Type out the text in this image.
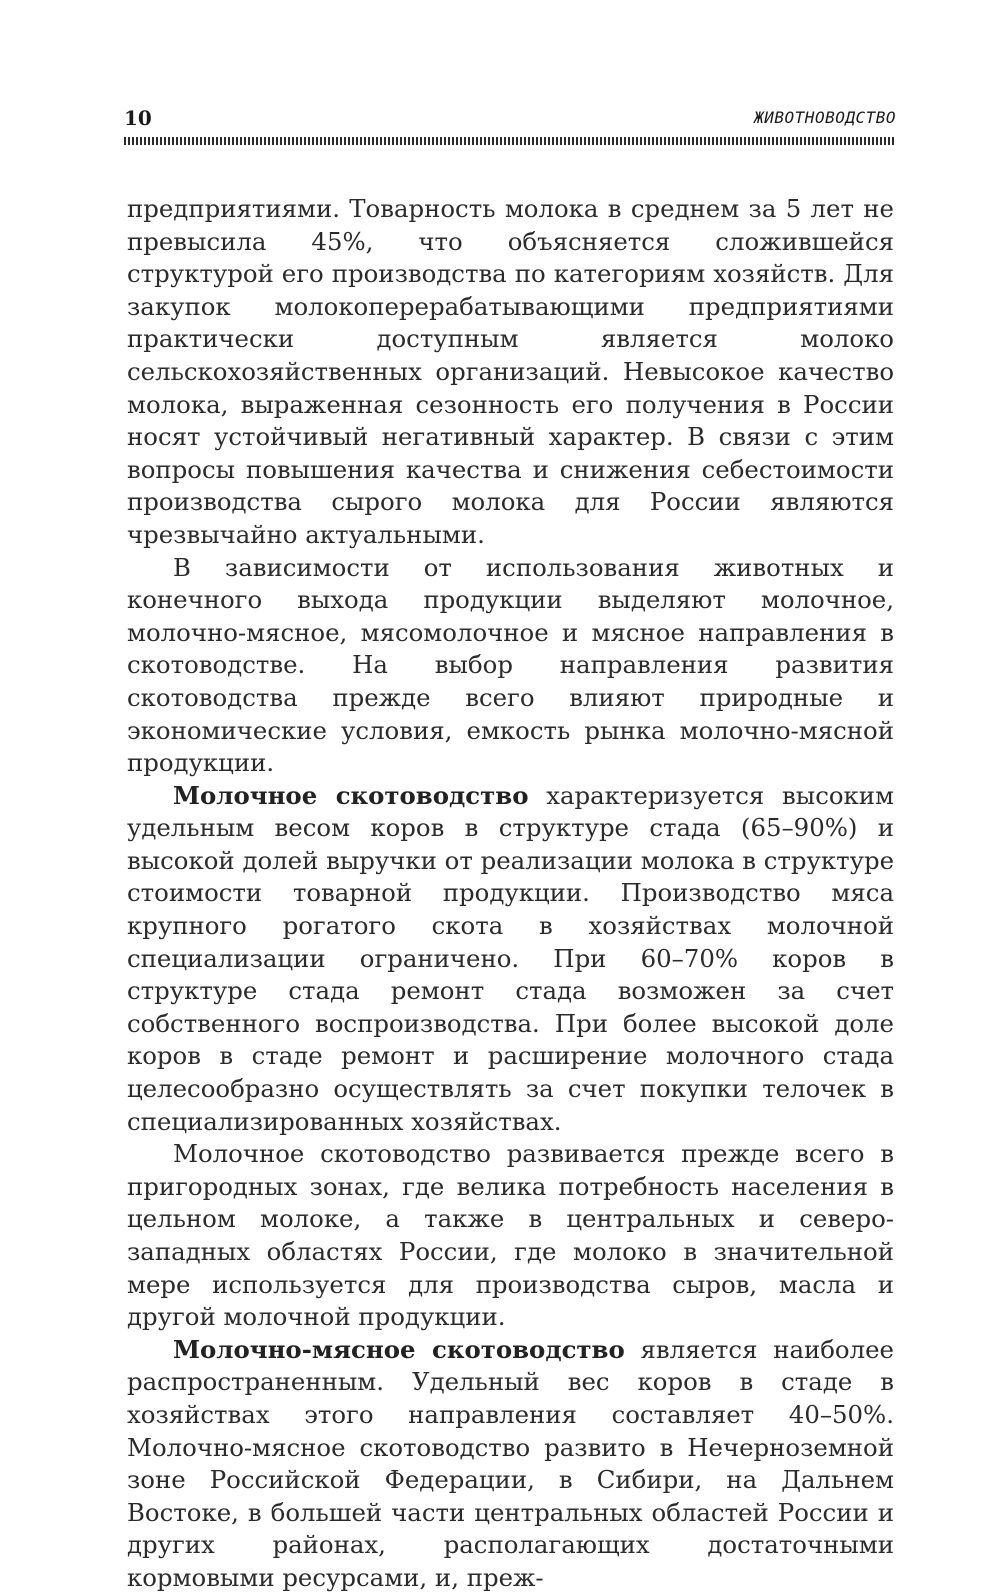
10	ЖИВОТНОВОДСТВО

предприятиями. Товарность молока в среднем за 5 лет не превысила 45%, что объясняется сложившейся структурой его производства по категориям хозяйств. Для закупок молокоперерабатывающими предприятиями практически доступным является молоко сельскохозяйственных организаций. Невысокое качество молока, выраженная сезонность его получения в России носят устойчивый негативный характер. В связи с этим вопросы повышения качества и снижения себестоимости производства сырого молока для России являются чрезвычайно актуальными.

В зависимости от использования животных и конечного выхода продукции выделяют молочное, молочно-мясное, мясомолочное и мясное направления в скотоводстве. На выбор направления развития скотоводства прежде всего влияют природные и экономические условия, емкость рынка молочно-мясной продукции.

Молочное скотоводство характеризуется высоким удельным весом коров в структуре стада (65–90%) и высокой долей выручки от реализации молока в структуре стоимости товарной продукции. Производство мяса крупного рогатого скота в хозяйствах молочной специализации ограничено. При 60–70% коров в структуре стада ремонт стада возможен за счет собственного воспроизводства. При более высокой доле коров в стаде ремонт и расширение молочного стада целесообразно осуществлять за счет покупки телочек в специализированных хозяйствах.

Молочное скотоводство развивается прежде всего в пригородных зонах, где велика потребность населения в цельном молоке, а также в центральных и северо-западных областях России, где молоко в значительной мере используется для производства сыров, масла и другой молочной продукции.

Молочно-мясное скотоводство является наиболее распространенным. Удельный вес коров в стаде в хозяйствах этого направления составляет 40–50%. Молочно-мясное скотоводство развито в Нечерноземной зоне Российской Федерации, в Сибири, на Дальнем Востоке, в большей части центральных областей России и других районах, располагающих достаточными кормовыми ресурсами, и, преж-
